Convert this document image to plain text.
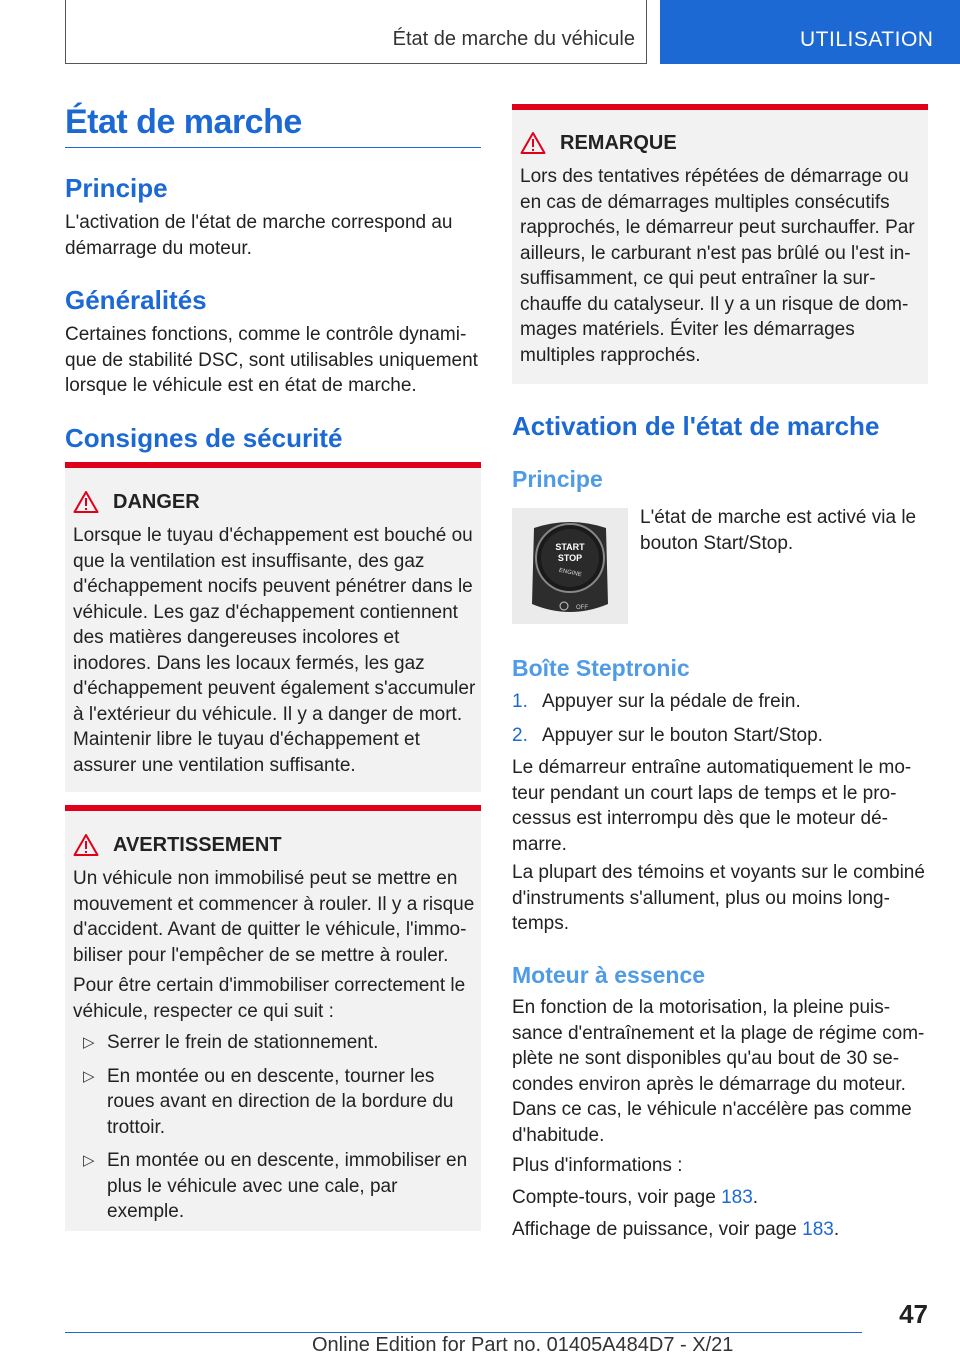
État de marche du véhicule	UTILISATION
État de marche
Principe

L'activation de l'état de marche correspond au démarrage du moteur.

Généralités

Certaines fonctions, comme le contrôle dynamique de stabilité DSC, sont utilisables uniquement lorsque le véhicule est en état de marche.

Consignes de sécurité
DANGER

Lorsque le tuyau d'échappement est bouché ou que la ventilation est insuffisante, des gaz d'échappement nocifs peuvent pénétrer dans le véhicule. Les gaz d'échappement contiennent des matières dangereuses incolores et inodores. Dans les locaux fermés, les gaz d'échappement peuvent également s'accumuler à l'extérieur du véhicule. Il y a danger de mort. Maintenir libre le tuyau d'échappement et assurer une ventilation suffisante.

AVERTISSEMENT

Un véhicule non immobilisé peut se mettre en mouvement et commencer à rouler. Il y a risque d'accident. Avant de quitter le véhicule, l'immobiliser pour l'empêcher de se mettre à rouler.

Pour être certain d'immobiliser correctement le véhicule, respecter ce qui suit :

▷ Serrer le frein de stationnement.
▷ En montée ou en descente, tourner les roues avant en direction de la bordure du trottoir.
▷ En montée ou en descente, immobiliser en plus le véhicule avec une cale, par exemple.
REMARQUE

Lors des tentatives répétées de démarrage ou en cas de démarrages multiples consécutifs rapprochés, le démarreur peut surchauffer. Par ailleurs, le carburant n'est pas brûlé ou l'est insuffisamment, ce qui peut entraîner la surchauffe du catalyseur. Il y a un risque de dommages matériels. Éviter les démarrages multiples rapprochés.

Activation de l'état de marche
Principe
START
STOP
ENGINE
OFF

L'état de marche est activé via le bouton Start/Stop.

Boîte Steptronic
1. Appuyer sur la pédale de frein.
2. Appuyer sur le bouton Start/Stop.

Le démarreur entraîne automatiquement le moteur pendant un court laps de temps et le processus est interrompu dès que le moteur démarre.

La plupart des témoins et voyants sur le combiné d'instruments s'allument, plus ou moins longtemps.

Moteur à essence

En fonction de la motorisation, la pleine puissance d'entraînement et la plage de régime complète ne sont disponibles qu'au bout de 30 secondes environ après le démarrage du moteur. Dans ce cas, le véhicule n'accélère pas comme d'habitude.

Plus d'informations :

Compte-tours, voir page 183.

Affichage de puissance, voir page 183.

47
Online Edition for Part no. 01405A484D7 - X/21
